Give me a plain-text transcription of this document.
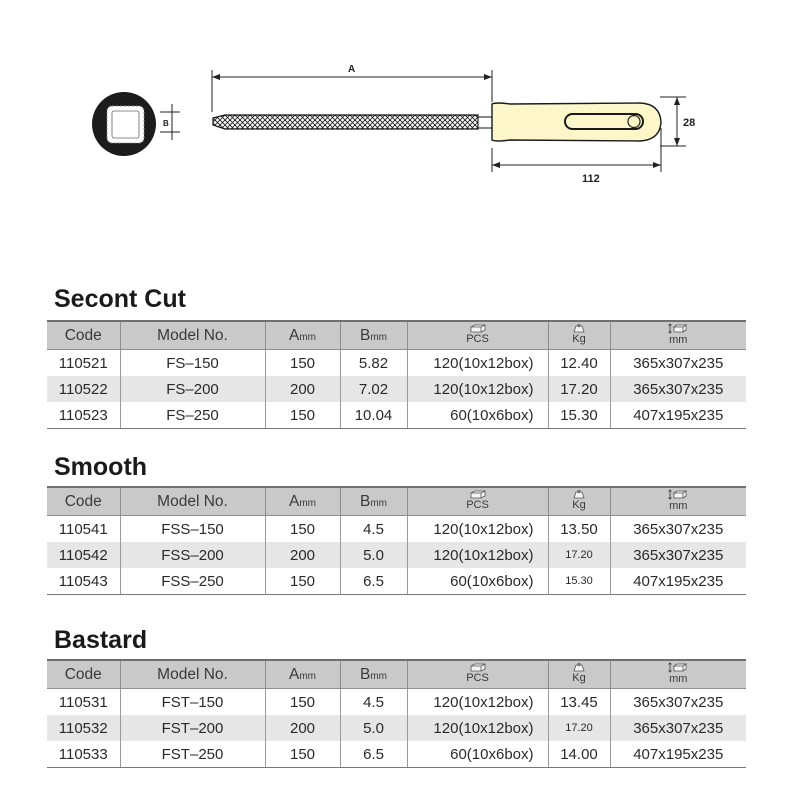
B
A
112
28
Secont Cut
Smooth
Bastard
Code	Model No.	Amm	Bmm	PCS	Kg	mm

110521	FS–150	150	5.82	120(10x12box)	12.40	365x307x235
110522	FS–200	200	7.02	120(10x12box)	17.20	365x307x235
110523	FS–250	150	10.04	60(10x6box)	15.30	407x195x235
Code	Model No.	Amm	Bmm	PCS	Kg	mm

110541	FSS–150	150	4.5	120(10x12box)	13.50	365x307x235
110542	FSS–200	200	5.0	120(10x12box)	17.20	365x307x235
110543	FSS–250	150	6.5	60(10x6box)	15.30	407x195x235
Code	Model No.	Amm	Bmm	PCS	Kg	mm

110531	FST–150	150	4.5	120(10x12box)	13.45	365x307x235
110532	FST–200	200	5.0	120(10x12box)	17.20	365x307x235
110533	FST–250	150	6.5	60(10x6box)	14.00	407x195x235
